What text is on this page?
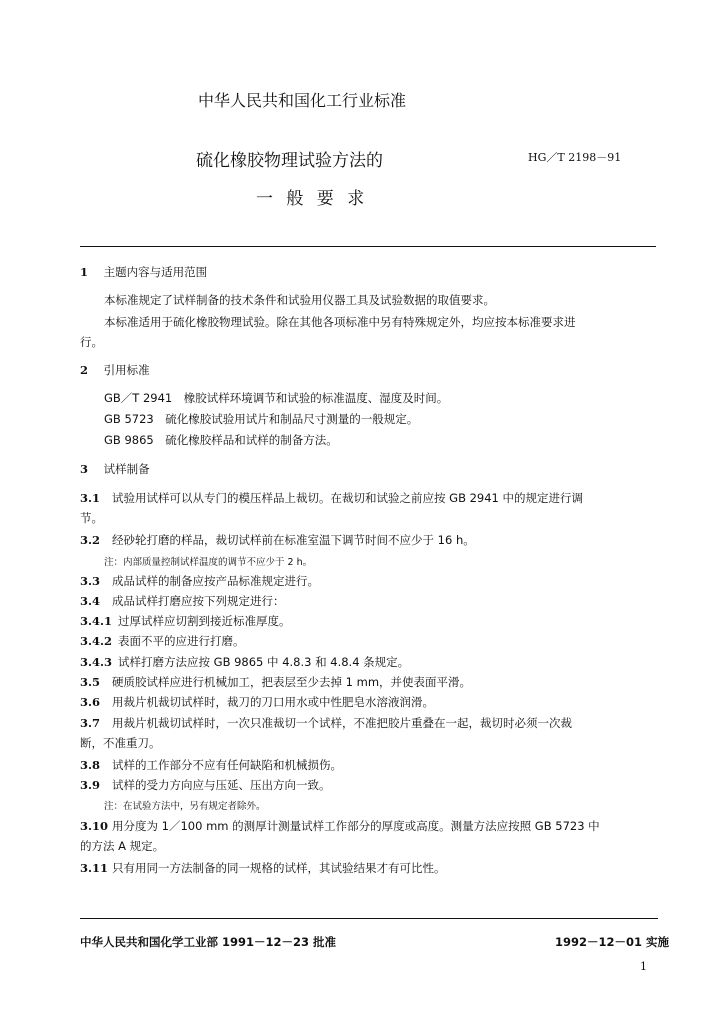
中华人民共和国化工行业标准
硫化橡胶物理试验方法的	HG／T 2198－91
一 般 要 求
1 主题内容与适用范围
本标准规定了试样制备的技术条件和试验用仪器工具及试验数据的取值要求。
本标准适用于硫化橡胶物理试验。除在其他各项标准中另有特殊规定外，均应按本标准要求进
行。
2 引用标准
GB／T 2941　橡胶试样环境调节和试验的标准温度、湿度及时间。
GB 5723　硫化橡胶试验用试片和制品尺寸测量的一般规定。
GB 9865　硫化橡胶样品和试样的制备方法。
3 试样制备
3.1 试验用试样可以从专门的模压样品上裁切。在裁切和试验之前应按 GB 2941 中的规定进行调
节。
3.2 经砂轮打磨的样品，裁切试样前在标准室温下调节时间不应少于 16 h。
注：内部质量控制试样温度的调节不应少于 2 h。
3.3 成品试样的制备应按产品标准规定进行。
3.4 成品试样打磨应按下列规定进行：
3.4.1 过厚试样应切割到接近标准厚度。
3.4.2 表面不平的应进行打磨。
3.4.3 试样打磨方法应按 GB 9865 中 4.8.3 和 4.8.4 条规定。
3.5 硬质胶试样应进行机械加工，把表层至少去掉 1 mm，并使表面平滑。
3.6 用裁片机裁切试样时，裁刀的刀口用水或中性肥皂水溶液润滑。
3.7 用裁片机裁切试样时，一次只准裁切一个试样，不准把胶片重叠在一起，裁切时必须一次裁
断，不准重刀。
3.8 试样的工作部分不应有任何缺陷和机械损伤。
3.9 试样的受力方向应与压延、压出方向一致。
注：在试验方法中，另有规定者除外。
3.10 用分度为 1／100 mm 的测厚计测量试样工作部分的厚度或高度。测量方法应按照 GB 5723 中
的方法 A 规定。
3.11 只有用同一方法制备的同一规格的试样，其试验结果才有可比性。
中华人民共和国化学工业部 1991－12－23 批准	1992－12－01 实施
1
